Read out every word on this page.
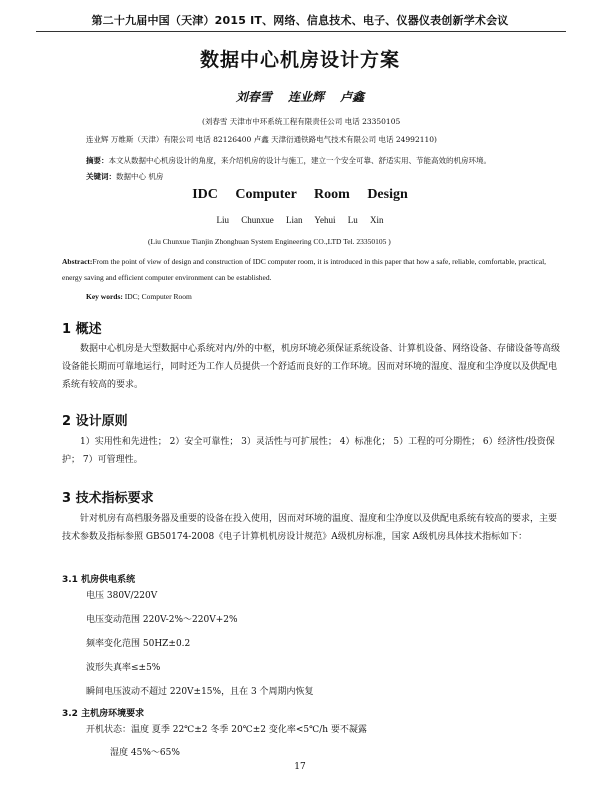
第二十九届中国（天津）2015 IT、网络、信息技术、电子、仪器仪表创新学术会议
数据中心机房设计方案
刘春雪 连业辉 卢鑫
(刘春雪 天津市中环系统工程有限责任公司 电话 23350105
连业辉 万维斯（天津）有限公司 电话 82126400 卢鑫 天津衍通铁路电气技术有限公司 电话 24992110)
摘要：本文从数据中心机房设计的角度，来介绍机房的设计与施工，建立一个安全可靠、舒适实用、节能高效的机房环境。
关键词：数据中心 机房
IDC Computer Room Design
Liu Chunxue Lian Yehui Lu Xin
(Liu Chunxue Tianjin Zhonghuan System Engineering CO.,LTD Tel. 23350105 )
Abstract:From the point of view of design and construction of IDC computer room, it is introduced in this paper that how a safe, reliable, comfortable, practical, energy saving and efficient computer environment can be established.
Key words: IDC; Computer Room
1 概述

数据中心机房是大型数据中心系统对内/外的中枢，机房环境必须保证系统设备、计算机设备、网络设备、存储设备等高级设备能长期而可靠地运行，同时还为工作人员提供一个舒适而良好的工作环境。因而对环境的湿度、湿度和尘净度以及供配电系统有较高的要求。

2 设计原则

1）实用性和先进性； 2）安全可靠性； 3）灵活性与可扩展性； 4）标准化； 5）工程的可分期性； 6）经济性/投资保护； 7）可管理性。

3 技术指标要求

针对机房有高档服务器及重要的设备在投入使用，因而对环境的温度、湿度和尘净度以及供配电系统有较高的要求，主要技术参数及指标参照 GB50174-2008《电子计算机机房设计规范》A级机房标准，国家 A级机房具体技术指标如下：

3.1 机房供电系统
电压 380V/220V
电压变动范围 220V-2%～220V+2%
频率变化范围 50HZ±0.2
波形失真率≤±5%
瞬间电压波动不超过 220V±15%，且在 3 个周期内恢复
3.2 主机房环境要求
开机状态：温度 夏季 22℃±2 冬季 20℃±2 变化率<5℃/h 要不凝露
湿度 45%～65%
17
